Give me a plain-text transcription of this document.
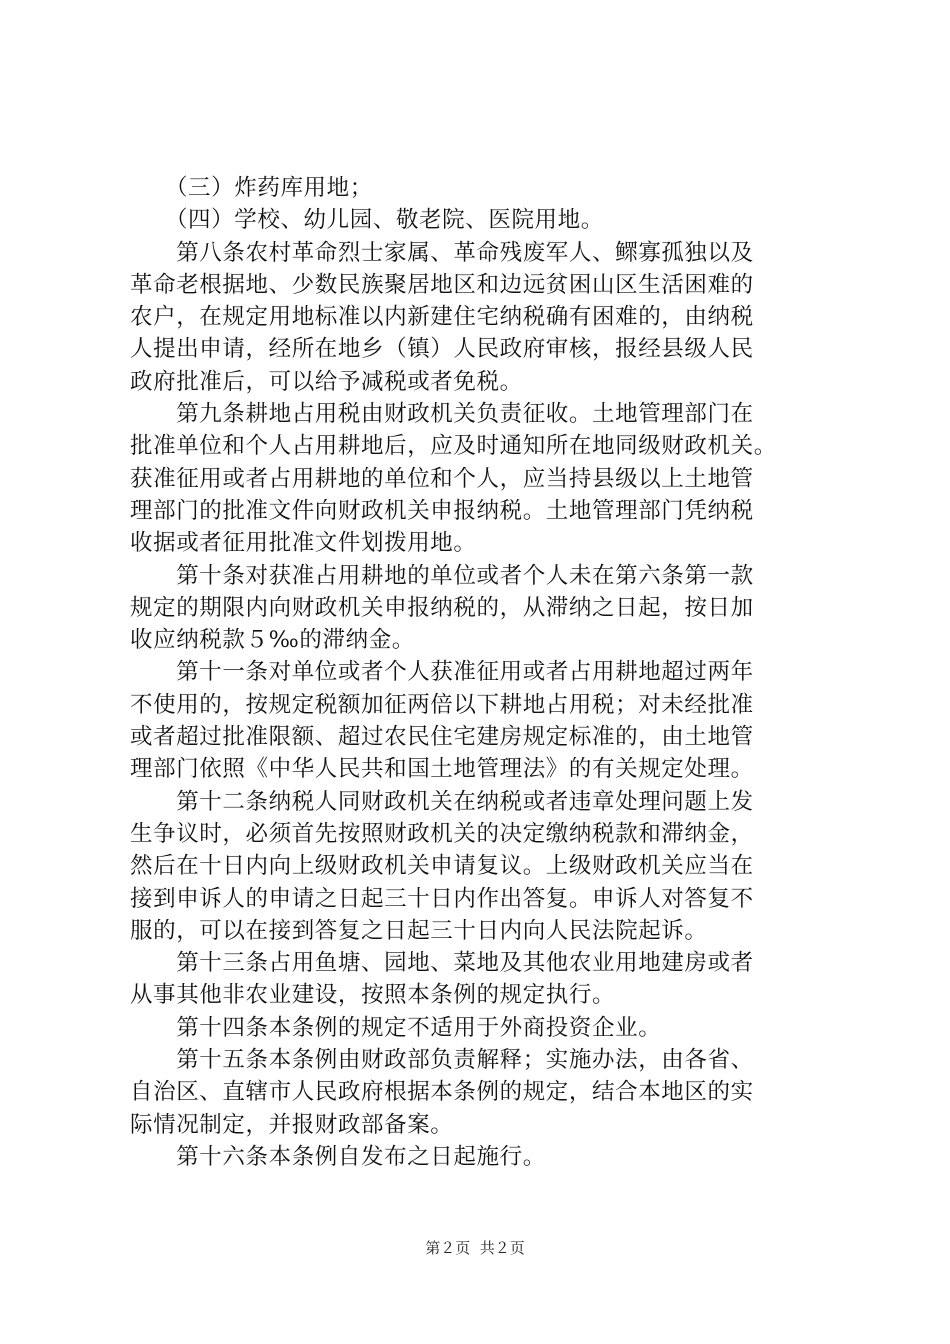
　　（三）炸药库用地；
　　（四）学校、幼儿园、敬老院、医院用地。
　　第八条农村革命烈士家属、革命残废军人、鳏寡孤独以及
革命老根据地、少数民族聚居地区和边远贫困山区生活困难的
农户，在规定用地标准以内新建住宅纳税确有困难的，由纳税
人提出申请，经所在地乡（镇）人民政府审核，报经县级人民
政府批准后，可以给予减税或者免税。
　　第九条耕地占用税由财政机关负责征收。土地管理部门在
批准单位和个人占用耕地后，应及时通知所在地同级财政机关。
获准征用或者占用耕地的单位和个人，应当持县级以上土地管
理部门的批准文件向财政机关申报纳税。土地管理部门凭纳税
收据或者征用批准文件划拨用地。
　　第十条对获准占用耕地的单位或者个人未在第六条第一款
规定的期限内向财政机关申报纳税的，从滞纳之日起，按日加
收应纳税款５‰的滞纳金。
　　第十一条对单位或者个人获准征用或者占用耕地超过两年
不使用的，按规定税额加征两倍以下耕地占用税；对未经批准
或者超过批准限额、超过农民住宅建房规定标准的，由土地管
理部门依照《中华人民共和国土地管理法》的有关规定处理。
　　第十二条纳税人同财政机关在纳税或者违章处理问题上发
生争议时，必须首先按照财政机关的决定缴纳税款和滞纳金，
然后在十日内向上级财政机关申请复议。上级财政机关应当在
接到申诉人的申请之日起三十日内作出答复。申诉人对答复不
服的，可以在接到答复之日起三十日内向人民法院起诉。
　　第十三条占用鱼塘、园地、菜地及其他农业用地建房或者
从事其他非农业建设，按照本条例的规定执行。
　　第十四条本条例的规定不适用于外商投资企业。
　　第十五条本条例由财政部负责解释；实施办法，由各省、
自治区、直辖市人民政府根据本条例的规定，结合本地区的实
际情况制定，并报财政部备案。
　　第十六条本条例自发布之日起施行。
第２页  共２页
